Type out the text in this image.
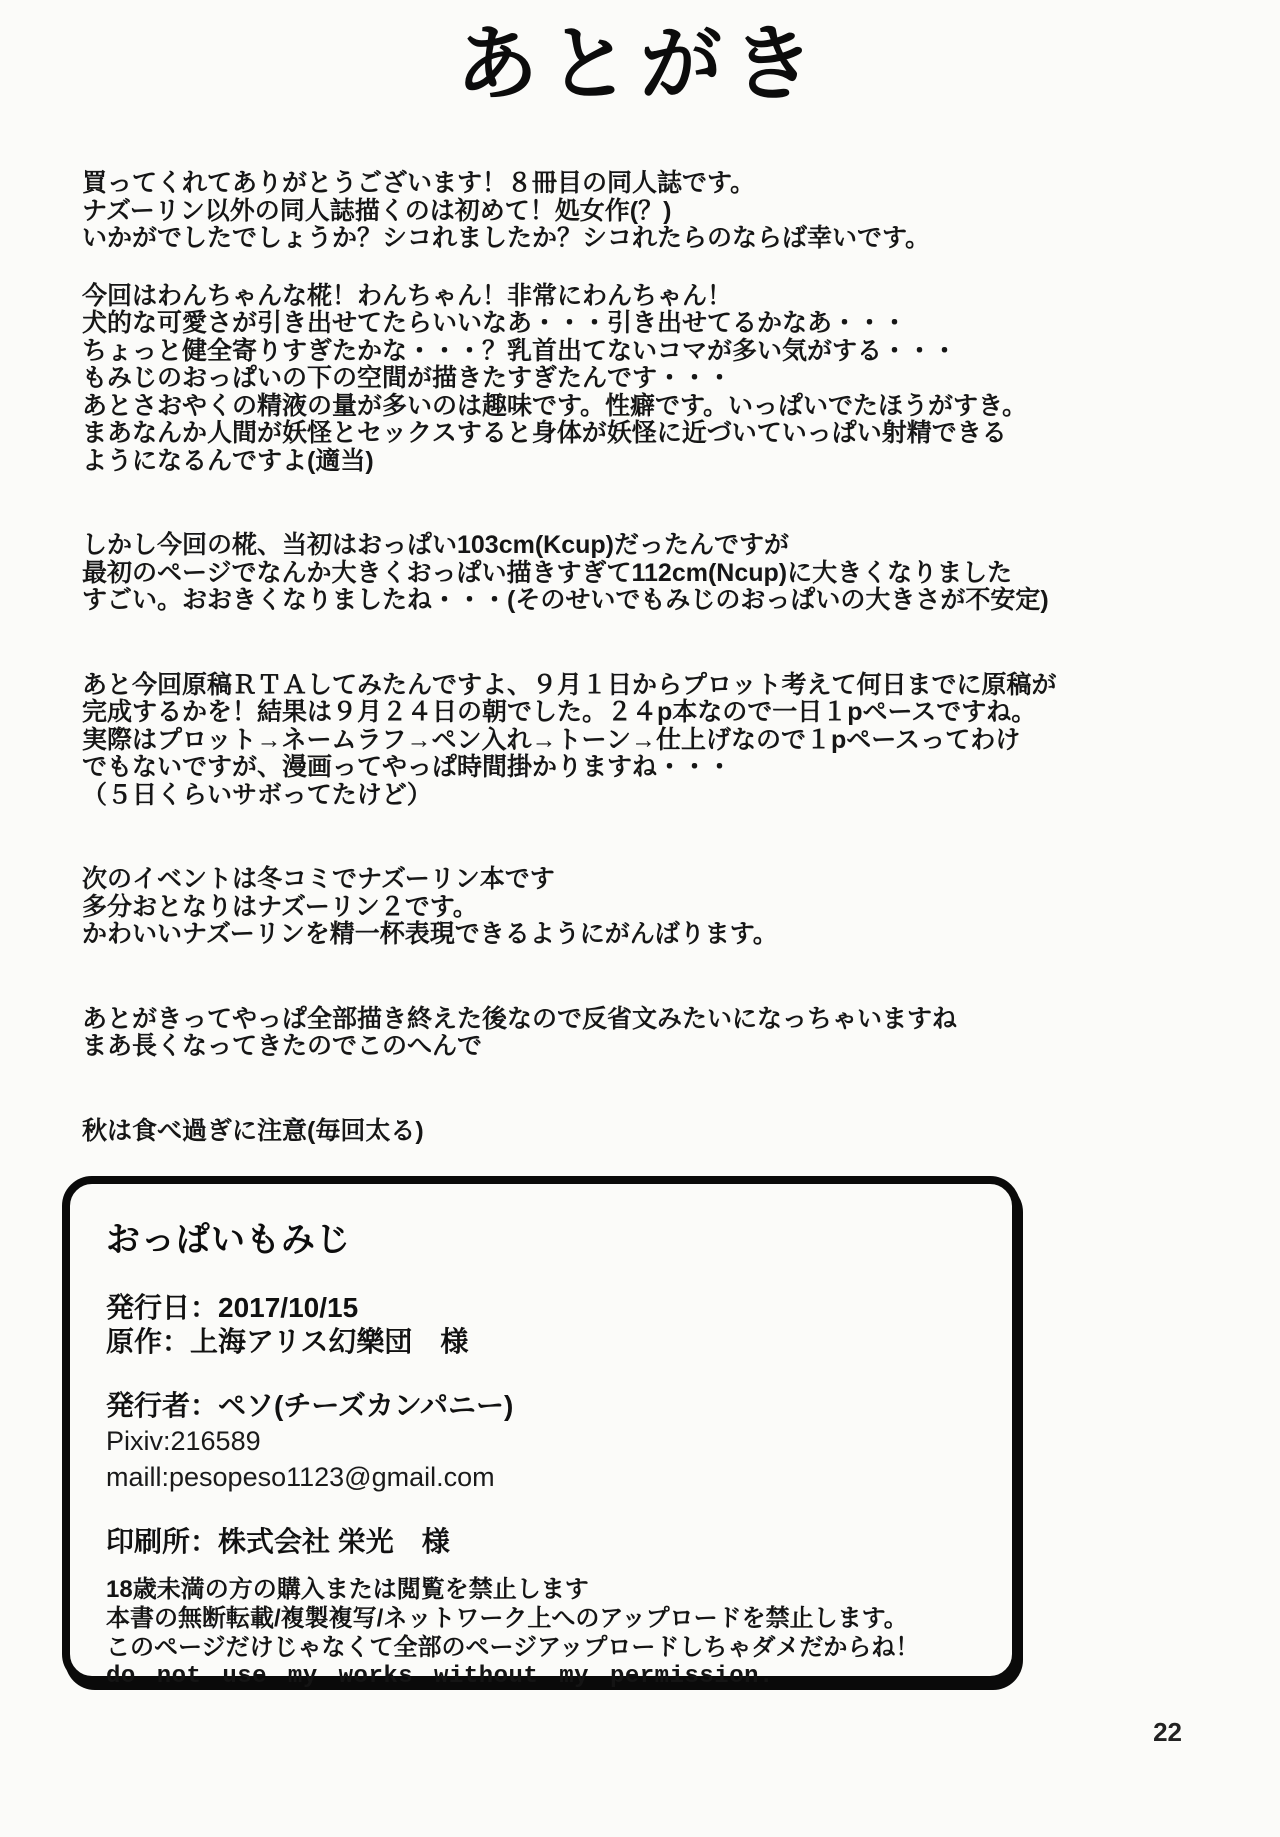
あとがき
買ってくれてありがとうございます！８冊目の同人誌です。
ナズーリン以外の同人誌描くのは初めて！処女作(？)
いかがでしたでしょうか？シコれましたか？シコれたらのならば幸いです。
今回はわんちゃんな椛！わんちゃん！非常にわんちゃん！
犬的な可愛さが引き出せてたらいいなあ・・・引き出せてるかなあ・・・
ちょっと健全寄りすぎたかな・・・？乳首出てないコマが多い気がする・・・
もみじのおっぱいの下の空間が描きたすぎたんです・・・
あとさおやくの精液の量が多いのは趣味です。性癖です。いっぱいでたほうがすき。
まあなんか人間が妖怪とセックスすると身体が妖怪に近づいていっぱい射精できる
ようになるんですよ(適当)
しかし今回の椛、当初はおっぱい103cm(Kcup)だったんですが
最初のページでなんか大きくおっぱい描きすぎて112cm(Ncup)に大きくなりました
すごい。おおきくなりましたね・・・(そのせいでもみじのおっぱいの大きさが不安定)
あと今回原稿ＲＴＡしてみたんですよ、９月１日からプロット考えて何日までに原稿が
完成するかを！結果は９月２４日の朝でした。２４p本なので一日１pペースですね。
実際はプロット→ネームラフ→ペン入れ→トーン→仕上げなので１pペースってわけ
でもないですが、漫画ってやっぱ時間掛かりますね・・・
（５日くらいサボってたけど）
次のイベントは冬コミでナズーリン本です
多分おとなりはナズーリン２です。
かわいいナズーリンを精一杯表現できるようにがんばります。
あとがきってやっぱ全部描き終えた後なので反省文みたいになっちゃいますね
まあ長くなってきたのでこのへんで
秋は食べ過ぎに注意(毎回太る)
おっぱいもみじ
発行日：2017/10/15
原作：上海アリス幻樂団　様
発行者：ペソ(チーズカンパニー)
Pixiv:216589
maill:pesopeso1123@gmail.com
印刷所：株式会社 栄光　様
18歳未満の方の購入または閲覧を禁止します
本書の無断転載/複製複写/ネットワーク上へのアップロードを禁止します。
このページだけじゃなくて全部のページアップロードしちゃダメだからね！
do not use my works without my permission.
22
